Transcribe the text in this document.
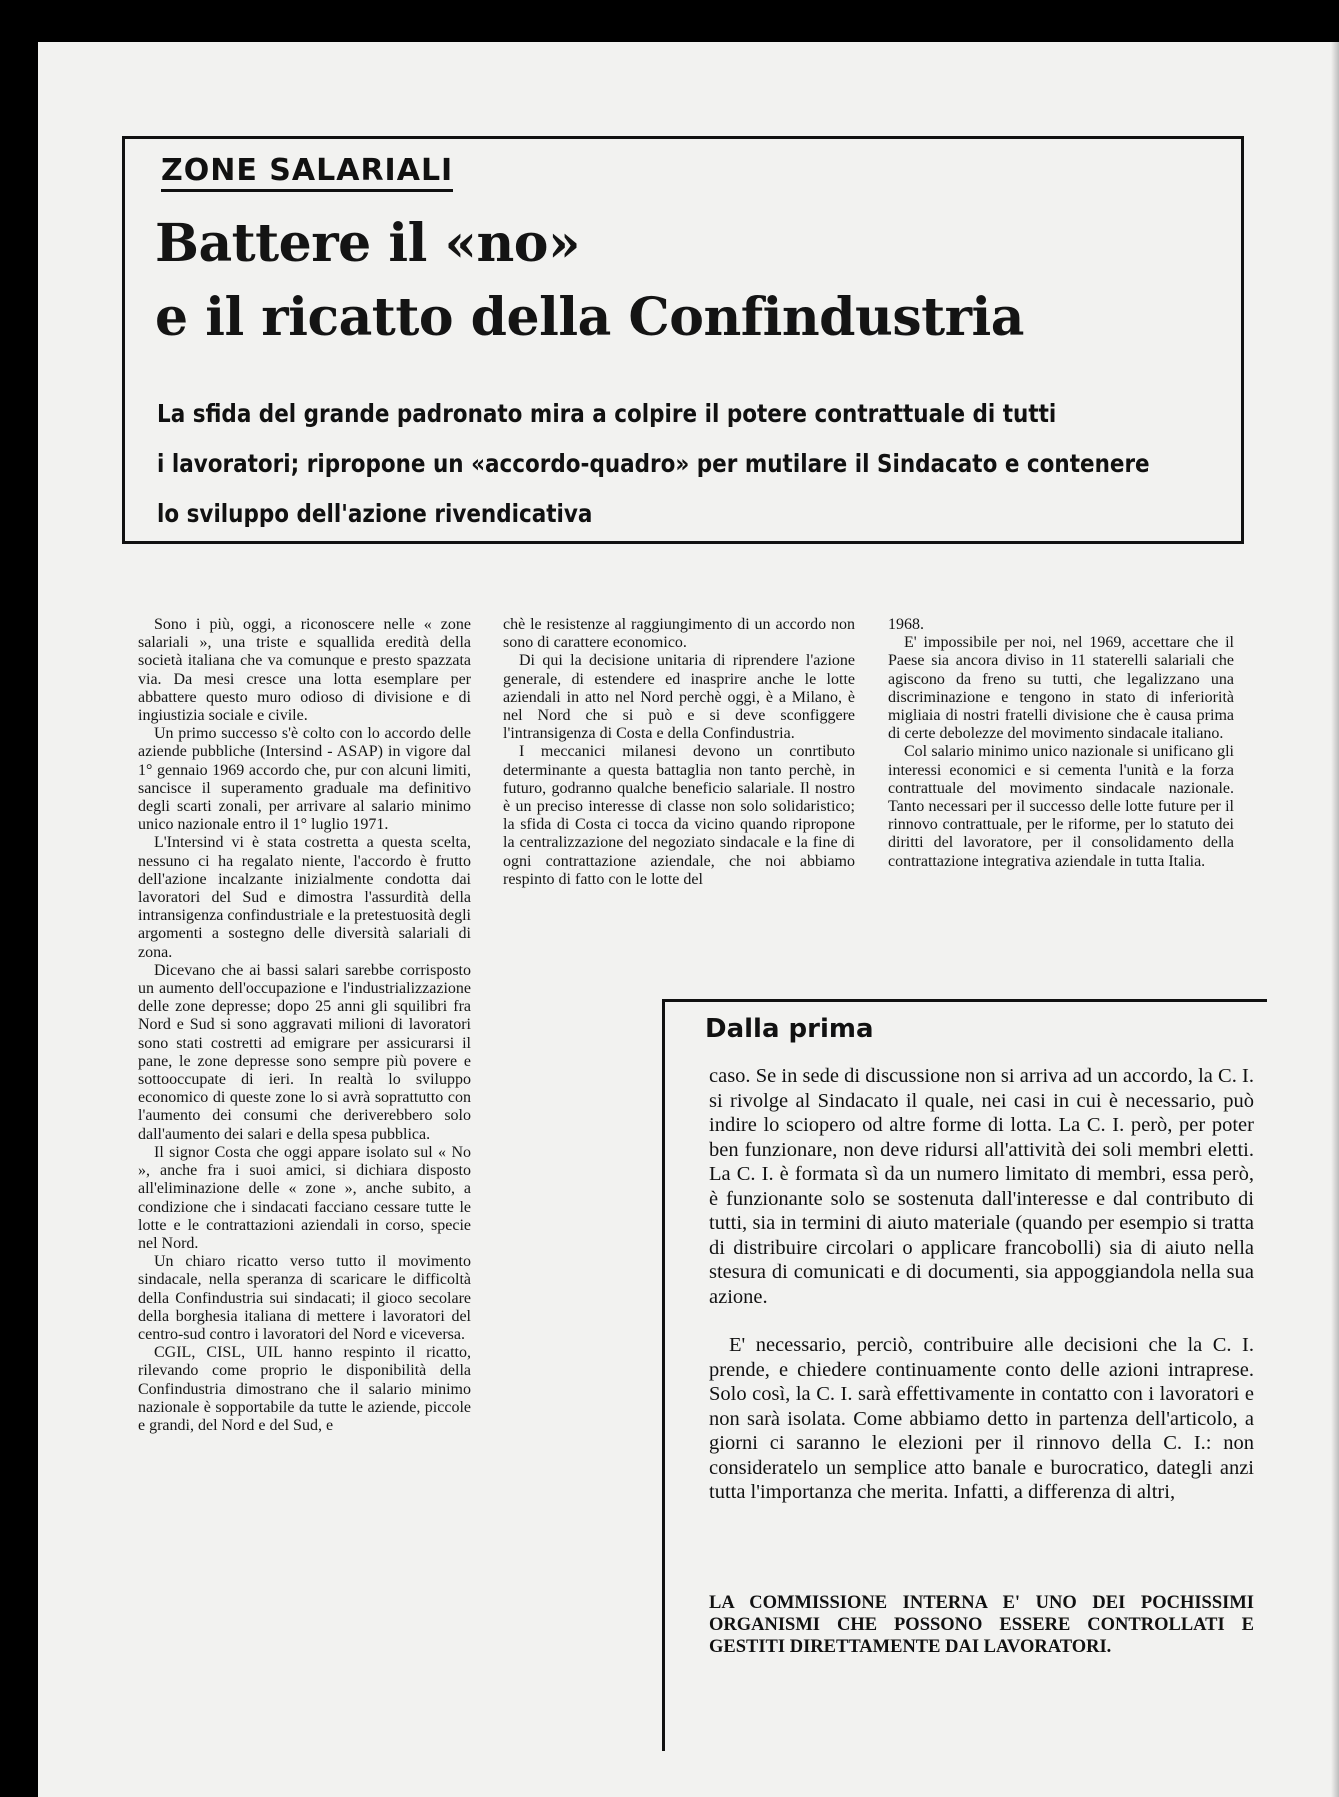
ZONE SALARIALI
Battere il «no»
e il ricatto della Confindustria
La sfida del grande padronato mira a colpire il potere contrattuale di tutti
i lavoratori; ripropone un «accordo-quadro» per mutilare il Sindacato e contenere
lo sviluppo dell'azione rivendicativa

Sono i più, oggi, a riconoscere nelle « zone salariali », una triste e squallida eredità della società italiana che va comunque e presto spazzata via. Da mesi cresce una lotta esemplare per abbattere questo muro odioso di divisione e di ingiustizia sociale e civile.

Un primo successo s'è colto con lo accordo delle aziende pubbliche (Intersind - ASAP) in vigore dal 1° gennaio 1969 accordo che, pur con alcuni limiti, sancisce il superamento graduale ma definitivo degli scarti zonali, per arrivare al salario minimo unico nazionale entro il 1° luglio 1971.

L'Intersind vi è stata costretta a questa scelta, nessuno ci ha regalato niente, l'accordo è frutto dell'azione incalzante inizialmente condotta dai lavoratori del Sud e dimostra l'assurdità della intransigenza confindustriale e la pretestuosità degli argomenti a sostegno delle diversità salariali di zona.

Dicevano che ai bassi salari sarebbe corrisposto un aumento dell'occupazione e l'industrializzazione delle zone depresse; dopo 25 anni gli squilibri fra Nord e Sud si sono aggravati milioni di lavoratori sono stati costretti ad emigrare per assicurarsi il pane, le zone depresse sono sempre più povere e sottooccupate di ieri. In realtà lo sviluppo economico di queste zone lo si avrà soprattutto con l'aumento dei consumi che deriverebbero solo dall'aumento dei salari e della spesa pubblica.

Il signor Costa che oggi appare isolato sul « No », anche fra i suoi amici, si dichiara disposto all'eliminazione delle « zone », anche subito, a condizione che i sindacati facciano cessare tutte le lotte e le contrattazioni aziendali in corso, specie nel Nord.

Un chiaro ricatto verso tutto il movimento sindacale, nella speranza di scaricare le difficoltà della Confindustria sui sindacati; il gioco secolare della borghesia italiana di mettere i lavoratori del centro-sud contro i lavoratori del Nord e viceversa.

CGIL, CISL, UIL hanno respinto il ricatto, rilevando come proprio le disponibilità della Confindustria dimostrano che il salario minimo nazionale è sopportabile da tutte le aziende, piccole e grandi, del Nord e del Sud, e

chè le resistenze al raggiungimento di un accordo non sono di carattere economico.

Di qui la decisione unitaria di riprendere l'azione generale, di estendere ed inasprire anche le lotte aziendali in atto nel Nord perchè oggi, è a Milano, è nel Nord che si può e si deve sconfiggere l'intransigenza di Costa e della Confindustria.

I meccanici milanesi devono un conrtibuto determinante a questa battaglia non tanto perchè, in futuro, godranno qualche beneficio salariale. Il nostro è un preciso interesse di classe non solo solidaristico; la sfida di Costa ci tocca da vicino quando ripropone la centralizzazione del negoziato sindacale e la fine di ogni contrattazione aziendale, che noi abbiamo respinto di fatto con le lotte del

1968.

E' impossibile per noi, nel 1969, accettare che il Paese sia ancora diviso in 11 staterelli salariali che agiscono da freno su tutti, che legalizzano una discriminazione e tengono in stato di inferiorità migliaia di nostri fratelli divisione che è causa prima di certe debolezze del movimento sindacale italiano.

Col salario minimo unico nazionale si unificano gli interessi economici e si cementa l'unità e la forza contrattuale del movimento sindacale nazionale. Tanto necessari per il successo delle lotte future per il rinnovo contrattuale, per le riforme, per lo statuto dei diritti del lavoratore, per il consolidamento della contrattazione integrativa aziendale in tutta Italia.

Dalla prima

caso. Se in sede di discussione non si arriva ad un accordo, la C. I. si rivolge al Sindacato il quale, nei casi in cui è necessario, può indire lo sciopero od altre forme di lotta. La C. I. però, per poter ben funzionare, non deve ridursi all'attività dei soli membri eletti. La C. I. è formata sì da un numero limitato di membri, essa però, è funzionante solo se sostenuta dall'interesse e dal contributo di tutti, sia in termini di aiuto materiale (quando per esempio si tratta di distribuire circolari o applicare francobolli) sia di aiuto nella stesura di comunicati e di documenti, sia appoggiandola nella sua azione.

E' necessario, perciò, contribuire alle decisioni che la C. I. prende, e chiedere continuamente conto delle azioni intraprese. Solo così, la C. I. sarà effettivamente in contatto con i lavoratori e non sarà isolata. Come abbiamo detto in partenza dell'articolo, a giorni ci saranno le elezioni per il rinnovo della C. I.: non consideratelo un semplice atto banale e burocratico, dategli anzi tutta l'importanza che merita. Infatti, a differenza di altri,

LA COMMISSIONE INTERNA E' UNO DEI POCHISSIMI ORGANISMI CHE POSSONO ESSERE CONTROLLATI E GESTITI DIRETTAMENTE DAI LAVORATORI.
